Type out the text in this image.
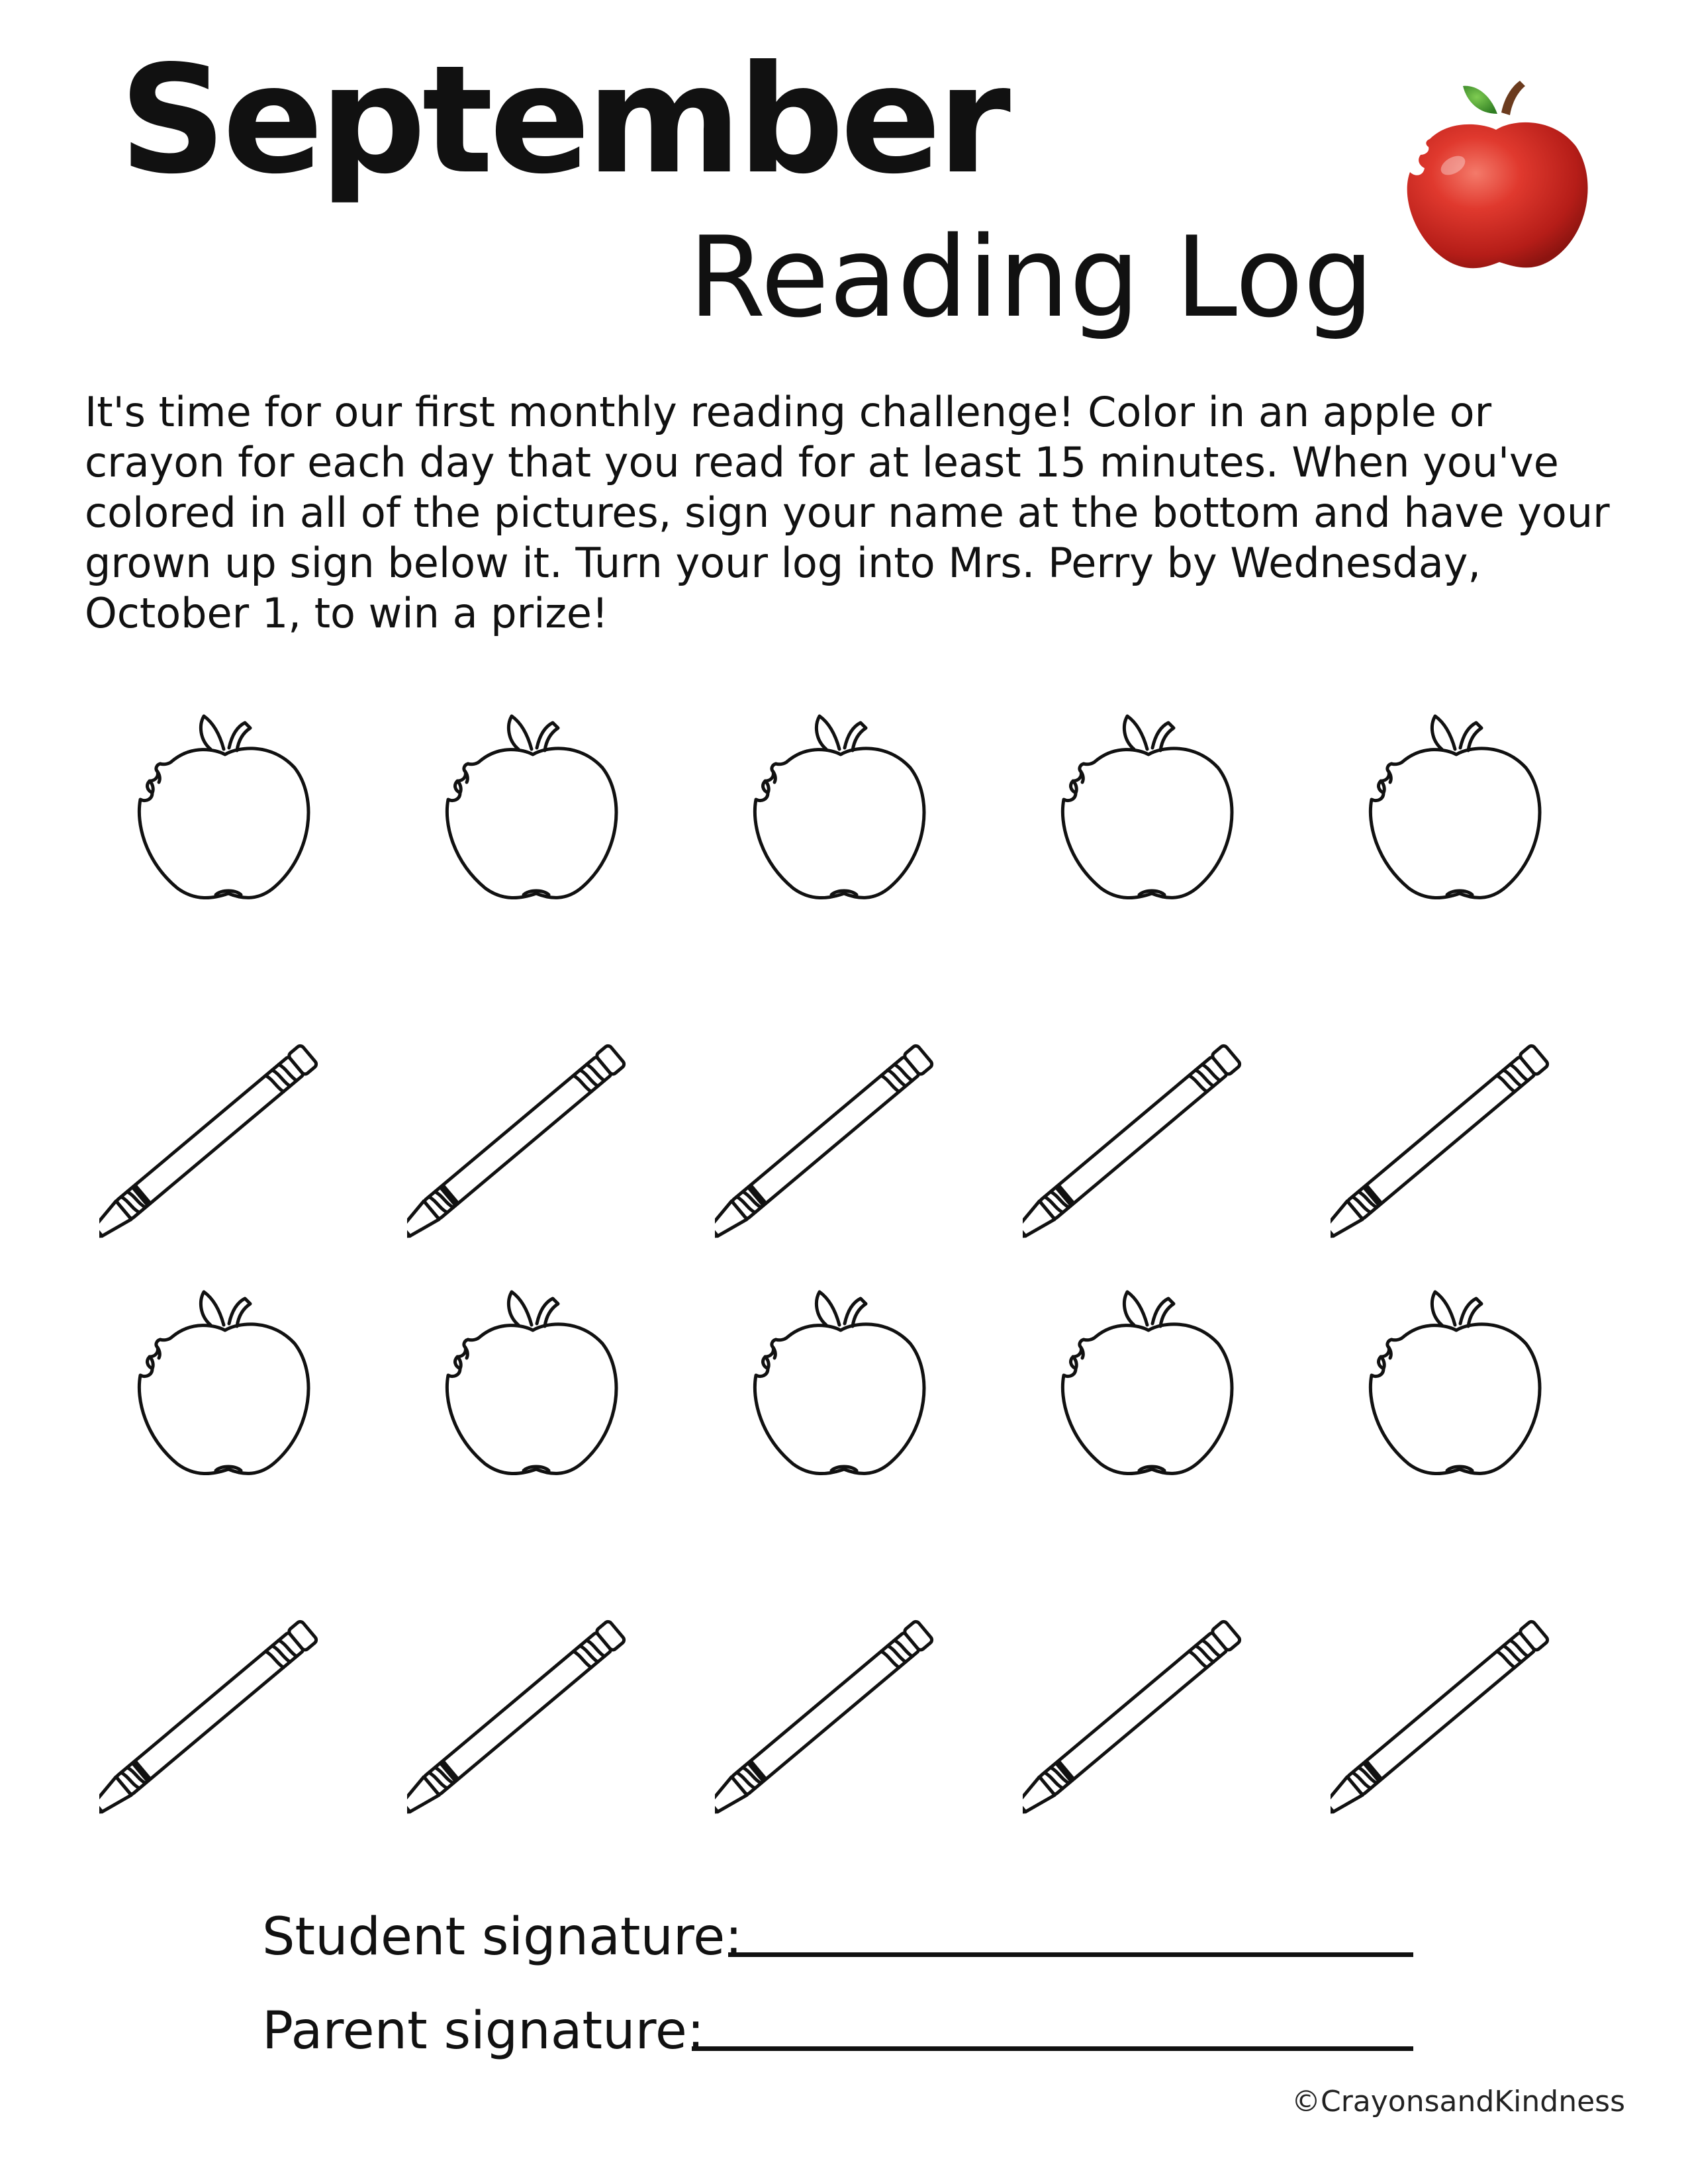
September
Reading Log

It's time for our first monthly reading challenge! Color in an apple or crayon for each day that you read for at least 15 minutes. When you've colored in all of the pictures, sign your name at the bottom and have your grown up sign below it. Turn your log into Mrs. Perry by Wednesday, October 1, to win a prize!

Student signature:
Parent signature:
©CrayonsandKindness
